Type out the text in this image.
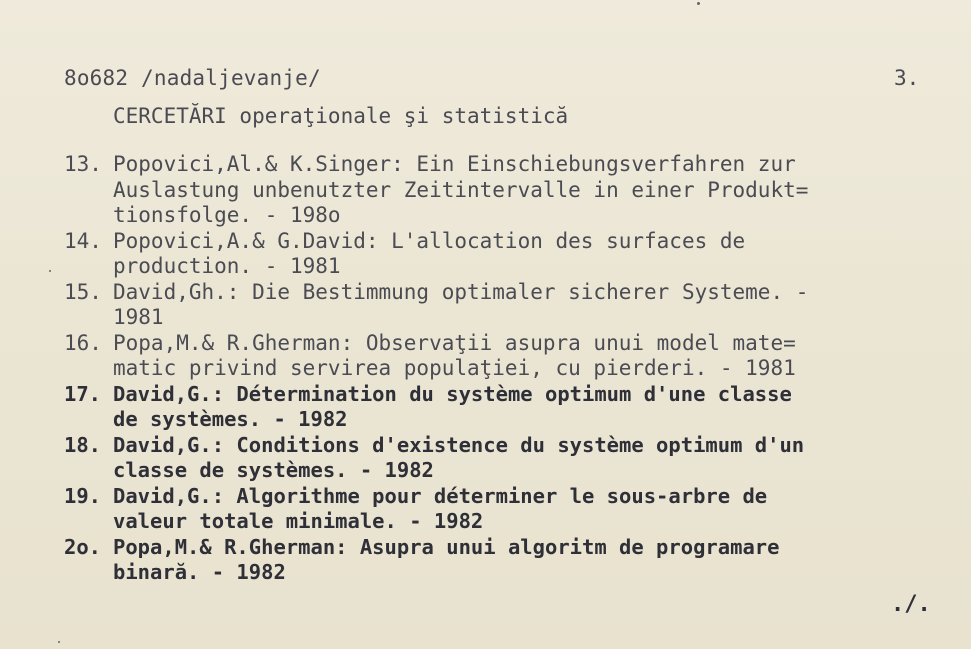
8o682 /nadaljevanje/	3.
CERCETĂRI operaţionale şi statistică
13. Popovici,Al.& K.Singer: Ein Einschiebungsverfahren zur
Auslastung unbenutzter Zeitintervalle in einer Produkt=
tionsfolge. - 198o
14. Popovici,A.& G.David: L'allocation des surfaces de
production. - 1981
15. David,Gh.: Die Bestimmung optimaler sicherer Systeme. -
1981
16. Popa,M.& R.Gherman: Observaţii asupra unui model mate=
matic privind servirea populaţiei, cu pierderi. - 1981
17. David,G.: Détermination du système optimum d'une classe
de systèmes. - 1982
18. David,G.: Conditions d'existence du système optimum d'un
classe de systèmes. - 1982
19. David,G.: Algorithme pour déterminer le sous-arbre de
valeur totale minimale. - 1982
2o. Popa,M.& R.Gherman: Asupra unui algoritm de programare
binară. - 1982
./.
